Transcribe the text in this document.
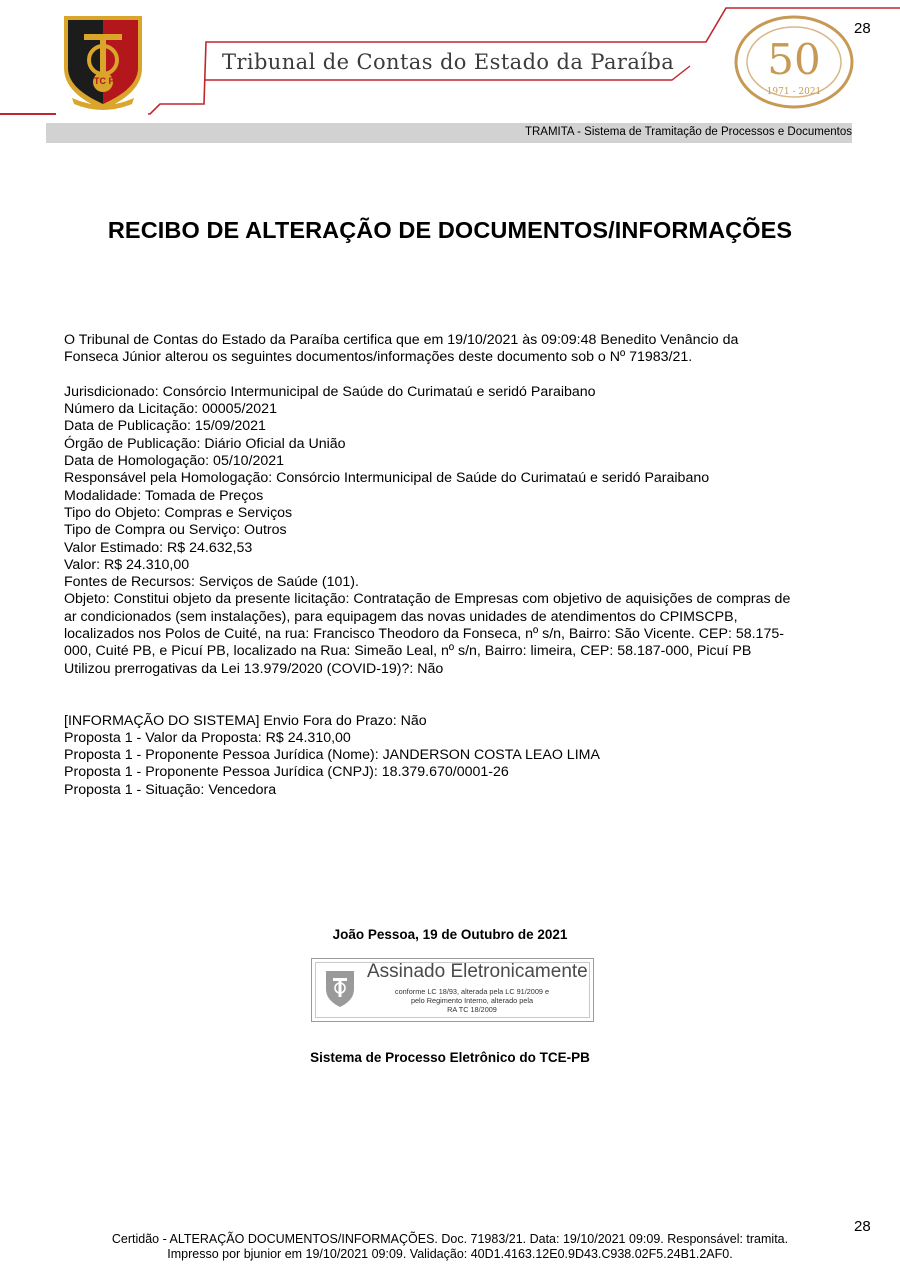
28
TC PB
Tribunal de Contas do Estado da Paraíba 50
1971 - 2021
TRAMITA - Sistema de Tramitação de Processos e Documentos
RECIBO DE ALTERAÇÃO DE DOCUMENTOS/INFORMAÇÕES

O Tribunal de Contas do Estado da Paraíba certifica que em 19/10/2021 às 09:09:48 Benedito Venâncio da

Fonseca Júnior alterou os seguintes documentos/informações deste documento sob o Nº 71983/21.

Jurisdicionado: Consórcio Intermunicipal de Saúde do Curimataú e seridó Paraibano

Número da Licitação: 00005/2021

Data de Publicação: 15/09/2021

Órgão de Publicação: Diário Oficial da União

Data de Homologação: 05/10/2021

Responsável pela Homologação: Consórcio Intermunicipal de Saúde do Curimataú e seridó Paraibano

Modalidade: Tomada de Preços

Tipo do Objeto: Compras e Serviços

Tipo de Compra ou Serviço: Outros

Valor Estimado: R$ 24.632,53

Valor: R$ 24.310,00

Fontes de Recursos: Serviços de Saúde (101).

Objeto: Constitui objeto da presente licitação: Contratação de Empresas com objetivo de aquisições de compras de

ar condicionados (sem instalações), para equipagem das novas unidades de atendimentos do CPIMSCPB,

localizados nos Polos de Cuité, na rua: Francisco Theodoro da Fonseca, nº s/n, Bairro: São Vicente. CEP: 58.175-

000, Cuité PB, e Picuí PB, localizado na Rua: Simeão Leal, nº s/n, Bairro: limeira, CEP: 58.187-000, Picuí PB

Utilizou prerrogativas da Lei 13.979/2020 (COVID-19)?: Não

[INFORMAÇÃO DO SISTEMA] Envio Fora do Prazo: Não

Proposta 1 - Valor da Proposta: R$ 24.310,00

Proposta 1 - Proponente Pessoa Jurídica (Nome): JANDERSON COSTA LEAO LIMA

Proposta 1 - Proponente Pessoa Jurídica (CNPJ): 18.379.670/0001-26

Proposta 1 - Situação: Vencedora

João Pessoa, 19 de Outubro de 2021
Assinado Eletronicamente
conforme LC 18/93, alterada pela LC 91/2009 e
pelo Regimento Interno, alterado pela
RA TC 18/2009
Sistema de Processo Eletrônico do TCE-PB
28
Certidão - ALTERAÇÃO DOCUMENTOS/INFORMAÇÕES. Doc. 71983/21. Data: 19/10/2021 09:09. Responsável: tramita.
Impresso por bjunior em 19/10/2021 09:09. Validação: 40D1.4163.12E0.9D43.C938.02F5.24B1.2AF0.
